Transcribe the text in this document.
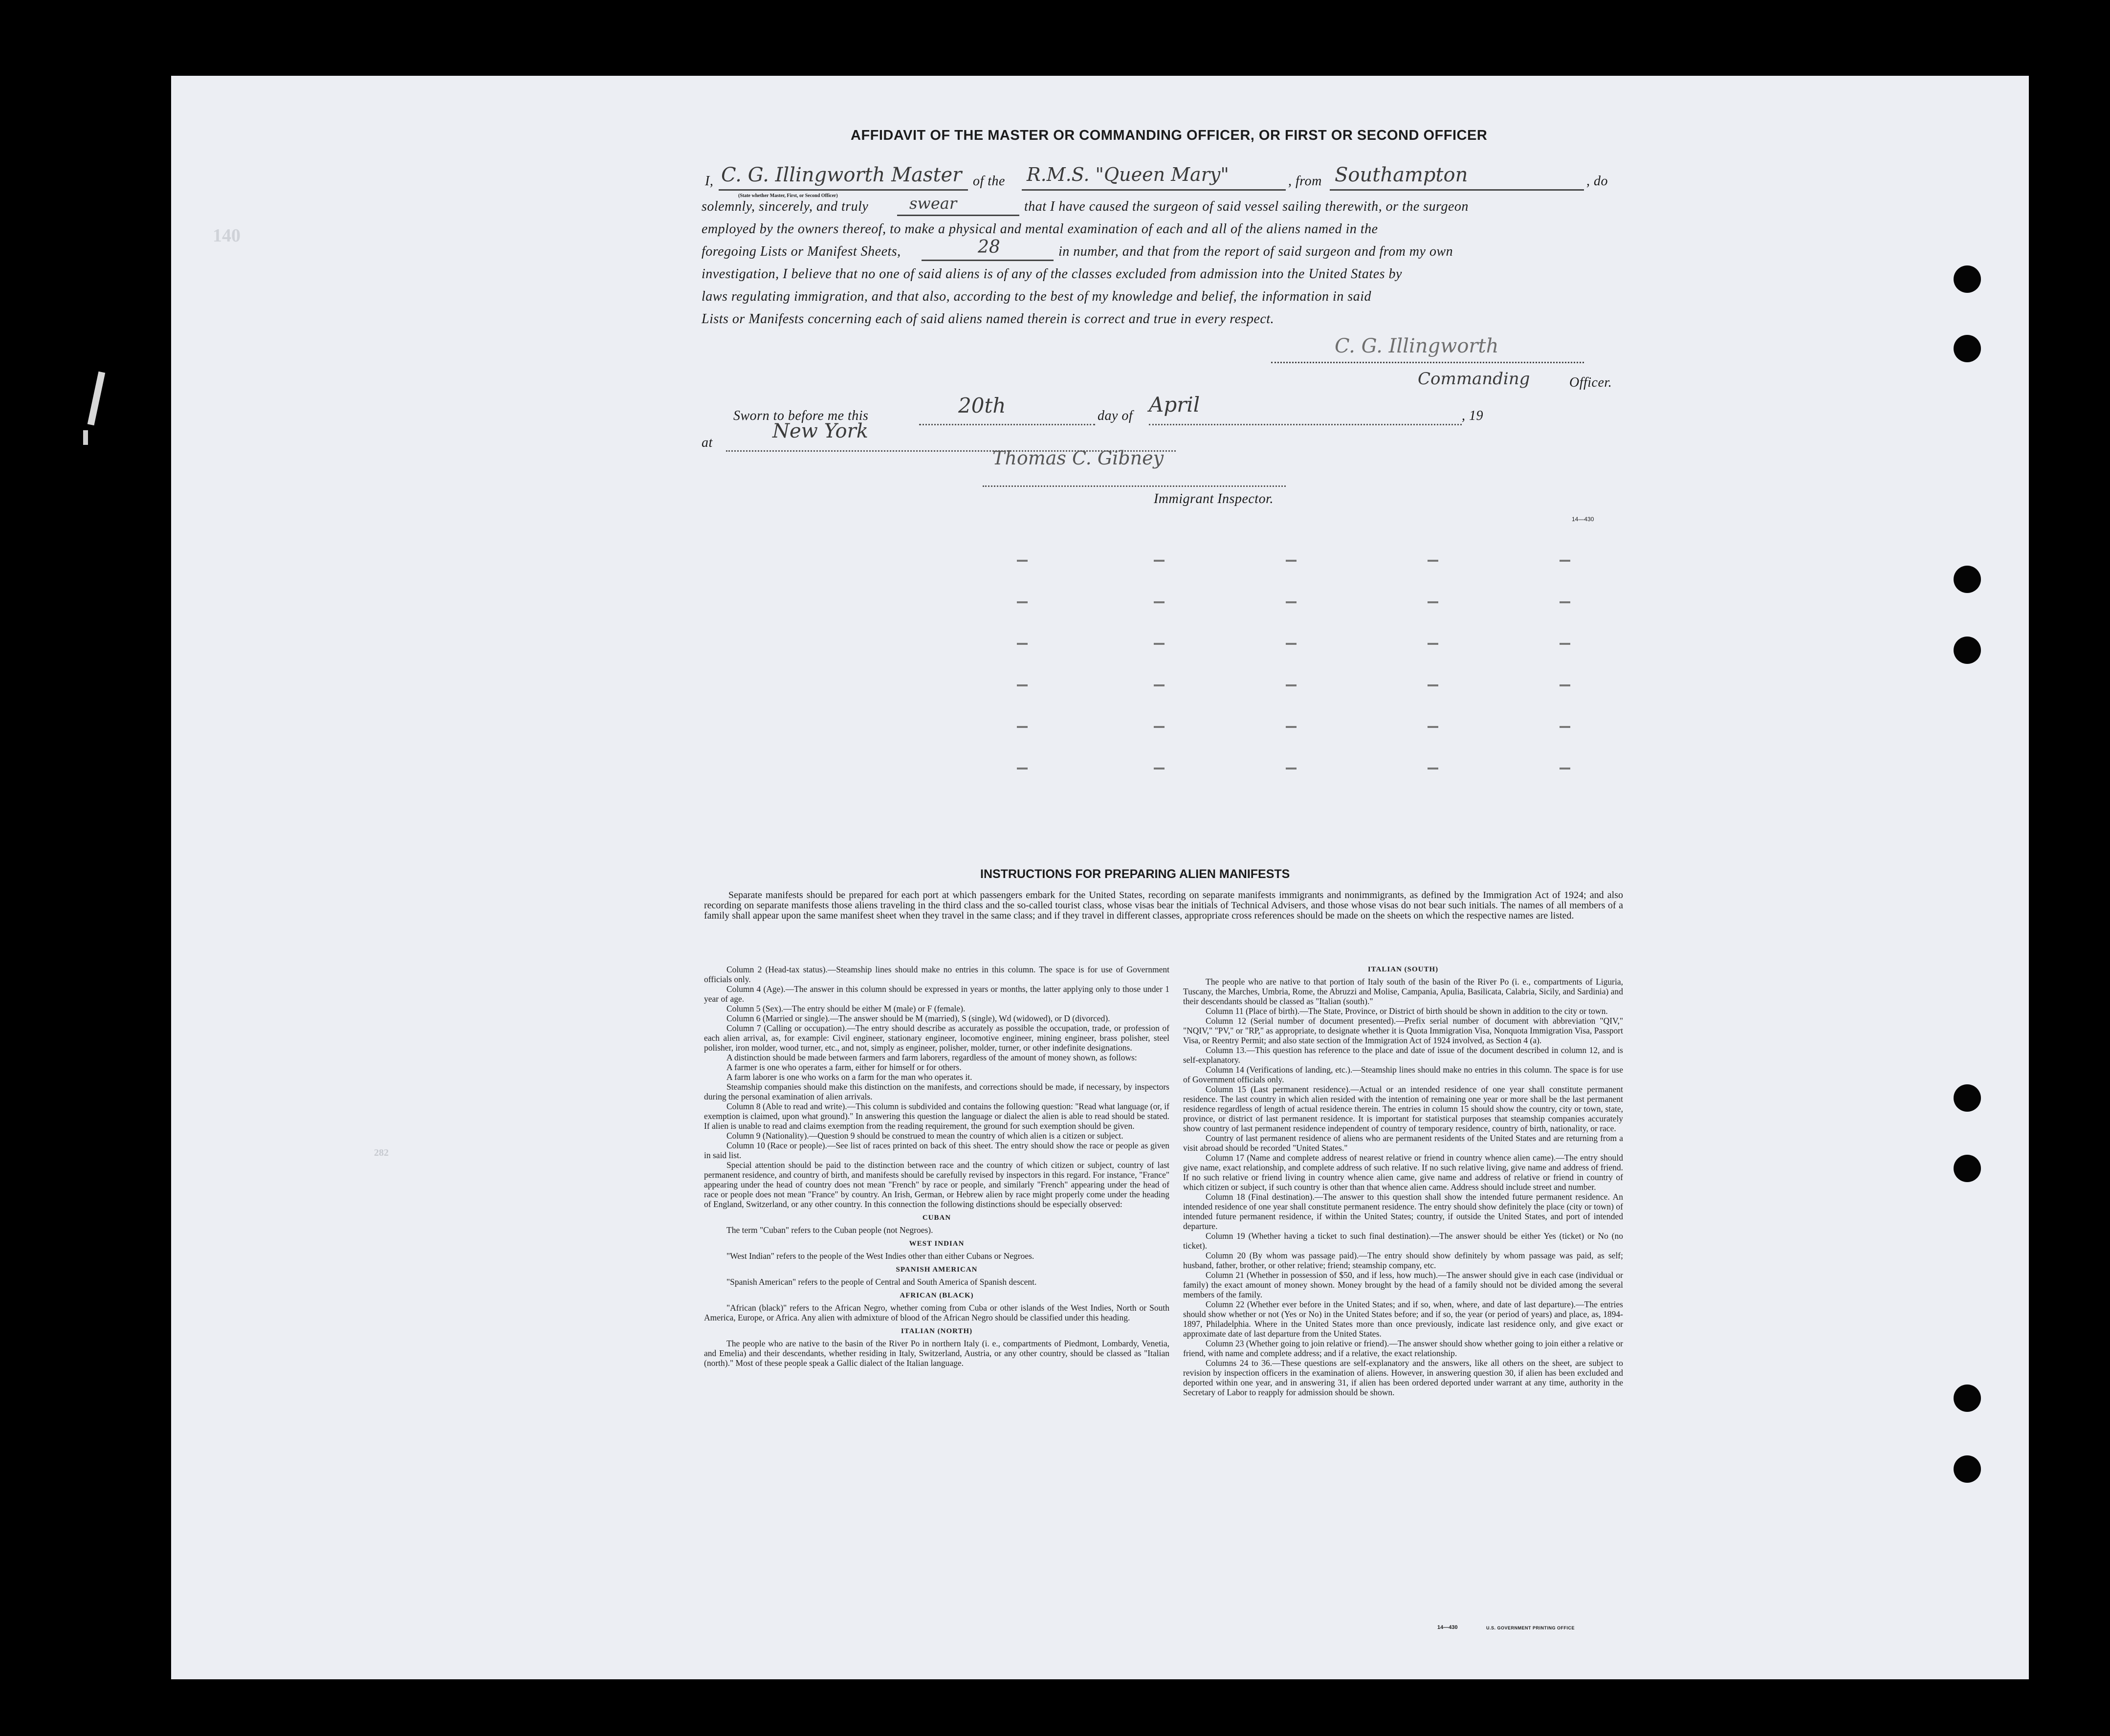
140
282
AFFIDAVIT OF THE MASTER OR COMMANDING OFFICER, OR FIRST OR SECOND OFFICER
I, C. G. Illingworth Master
(State whether Master, First, or Second Officer)
of the R.M.S. "Queen Mary"	, from Southampton	, do
solemnly, sincerely, and truly	swear	that I have caused the surgeon of said vessel sailing therewith, or the surgeon
employed by the owners thereof, to make a physical and mental examination of each and all of the aliens named in the
foregoing Lists or Manifest Sheets,	28	in number, and that from the report of said surgeon and from my own
investigation, I believe that no one of said aliens is of any of the classes excluded from admission into the United States by
laws regulating immigration, and that also, according to the best of my knowledge and belief, the information in said
Lists or Manifests concerning each of said aliens named therein is correct and true in every respect.
C. G. Illingworth
Commanding	Officer.
Sworn to before me this	20th	day of April	, 19
at
New York
Thomas C. Gibney
Immigrant Inspector.
14—430
INSTRUCTIONS FOR PREPARING ALIEN MANIFESTS
Separate manifests should be prepared for each port at which passengers embark for the United States, recording on separate manifests immigrants and nonimmigrants, as defined by the Immigration Act of 1924; and also recording on separate manifests those aliens traveling in the third class and the so-called tourist class, whose visas bear the initials of Technical Advisers, and those whose visas do not bear such initials. The names of all members of a family shall appear upon the same manifest sheet when they travel in the same class; and if they travel in different classes, appropriate cross references should be made on the sheets on which the respective names are listed.

Column 2 (Head-tax status).—Steamship lines should make no entries in this column. The space is for use of Government officials only.

Column 4 (Age).—The answer in this column should be expressed in years or months, the latter applying only to those under 1 year of age.

Column 5 (Sex).—The entry should be either M (male) or F (female).

Column 6 (Married or single).—The answer should be M (married), S (single), Wd (widowed), or D (divorced).

Column 7 (Calling or occupation).—The entry should describe as accurately as possible the occupation, trade, or profession of each alien arrival, as, for example: Civil engineer, stationary engineer, locomotive engineer, mining engineer, brass polisher, steel polisher, iron molder, wood turner, etc., and not, simply as engineer, polisher, molder, turner, or other indefinite designations.

A distinction should be made between farmers and farm laborers, regardless of the amount of money shown, as follows:

A farmer is one who operates a farm, either for himself or for others.

A farm laborer is one who works on a farm for the man who operates it.

Steamship companies should make this distinction on the manifests, and corrections should be made, if necessary, by inspectors during the personal examination of alien arrivals.

Column 8 (Able to read and write).—This column is subdivided and contains the following question: "Read what language (or, if exemption is claimed, upon what ground)." In answering this question the language or dialect the alien is able to read should be stated. If alien is unable to read and claims exemption from the reading requirement, the ground for such exemption should be given.

Column 9 (Nationality).—Question 9 should be construed to mean the country of which alien is a citizen or subject.

Column 10 (Race or people).—See list of races printed on back of this sheet. The entry should show the race or people as given in said list.

Special attention should be paid to the distinction between race and the country of which citizen or subject, country of last permanent residence, and country of birth, and manifests should be carefully revised by inspectors in this regard. For instance, "France" appearing under the head of country does not mean "French" by race or people, and similarly "French" appearing under the head of race or people does not mean "France" by country. An Irish, German, or Hebrew alien by race might properly come under the heading of England, Switzerland, or any other country. In this connection the following distinctions should be especially observed:

CUBAN

The term "Cuban" refers to the Cuban people (not Negroes).

WEST INDIAN

"West Indian" refers to the people of the West Indies other than either Cubans or Negroes.

SPANISH AMERICAN

"Spanish American" refers to the people of Central and South America of Spanish descent.

AFRICAN (BLACK)

"African (black)" refers to the African Negro, whether coming from Cuba or other islands of the West Indies, North or South America, Europe, or Africa. Any alien with admixture of blood of the African Negro should be classified under this heading.

ITALIAN (NORTH)

The people who are native to the basin of the River Po in northern Italy (i. e., compartments of Piedmont, Lombardy, Venetia, and Emelia) and their descendants, whether residing in Italy, Switzerland, Austria, or any other country, should be classed as "Italian (north)." Most of these people speak a Gallic dialect of the Italian language.

ITALIAN (SOUTH)

The people who are native to that portion of Italy south of the basin of the River Po (i. e., compartments of Liguria, Tuscany, the Marches, Umbria, Rome, the Abruzzi and Molise, Campania, Apulia, Basilicata, Calabria, Sicily, and Sardinia) and their descendants should be classed as "Italian (south)."

Column 11 (Place of birth).—The State, Province, or District of birth should be shown in addition to the city or town.

Column 12 (Serial number of document presented).—Prefix serial number of document with abbreviation "QIV," "NQIV," "PV," or "RP," as appropriate, to designate whether it is Quota Immigration Visa, Nonquota Immigration Visa, Passport Visa, or Reentry Permit; and also state section of the Immigration Act of 1924 involved, as Section 4 (a).

Column 13.—This question has reference to the place and date of issue of the document described in column 12, and is self-explanatory.

Column 14 (Verifications of landing, etc.).—Steamship lines should make no entries in this column. The space is for use of Government officials only.

Column 15 (Last permanent residence).—Actual or an intended residence of one year shall constitute permanent residence. The last country in which alien resided with the intention of remaining one year or more shall be the last permanent residence regardless of length of actual residence therein. The entries in column 15 should show the country, city or town, state, province, or district of last permanent residence. It is important for statistical purposes that steamship companies accurately show country of last permanent residence independent of country of temporary residence, country of birth, nationality, or race.

Country of last permanent residence of aliens who are permanent residents of the United States and are returning from a visit abroad should be recorded "United States."

Column 17 (Name and complete address of nearest relative or friend in country whence alien came).—The entry should give name, exact relationship, and complete address of such relative. If no such relative living, give name and address of friend. If no such relative or friend living in country whence alien came, give name and address of relative or friend in country of which citizen or subject, if such country is other than that whence alien came. Address should include street and number.

Column 18 (Final destination).—The answer to this question shall show the intended future permanent residence. An intended residence of one year shall constitute permanent residence. The entry should show definitely the place (city or town) of intended future permanent residence, if within the United States; country, if outside the United States, and port of intended departure.

Column 19 (Whether having a ticket to such final destination).—The answer should be either Yes (ticket) or No (no ticket).

Column 20 (By whom was passage paid).—The entry should show definitely by whom passage was paid, as self; husband, father, brother, or other relative; friend; steamship company, etc.

Column 21 (Whether in possession of $50, and if less, how much).—The answer should give in each case (individual or family) the exact amount of money shown. Money brought by the head of a family should not be divided among the several members of the family.

Column 22 (Whether ever before in the United States; and if so, when, where, and date of last departure).—The entries should show whether or not (Yes or No) in the United States before; and if so, the year (or period of years) and place, as, 1894-1897, Philadelphia. Where in the United States more than once previously, indicate last residence only, and give exact or approximate date of last departure from the United States.

Column 23 (Whether going to join relative or friend).—The answer should show whether going to join either a relative or friend, with name and complete address; and if a relative, the exact relationship.

Columns 24 to 36.—These questions are self-explanatory and the answers, like all others on the sheet, are subject to revision by inspection officers in the examination of aliens. However, in answering question 30, if alien has been excluded and deported within one year, and in answering 31, if alien has been ordered deported under warrant at any time, authority in the Secretary of Labor to reapply for admission should be shown.

14—430	U.S. GOVERNMENT PRINTING OFFICE
